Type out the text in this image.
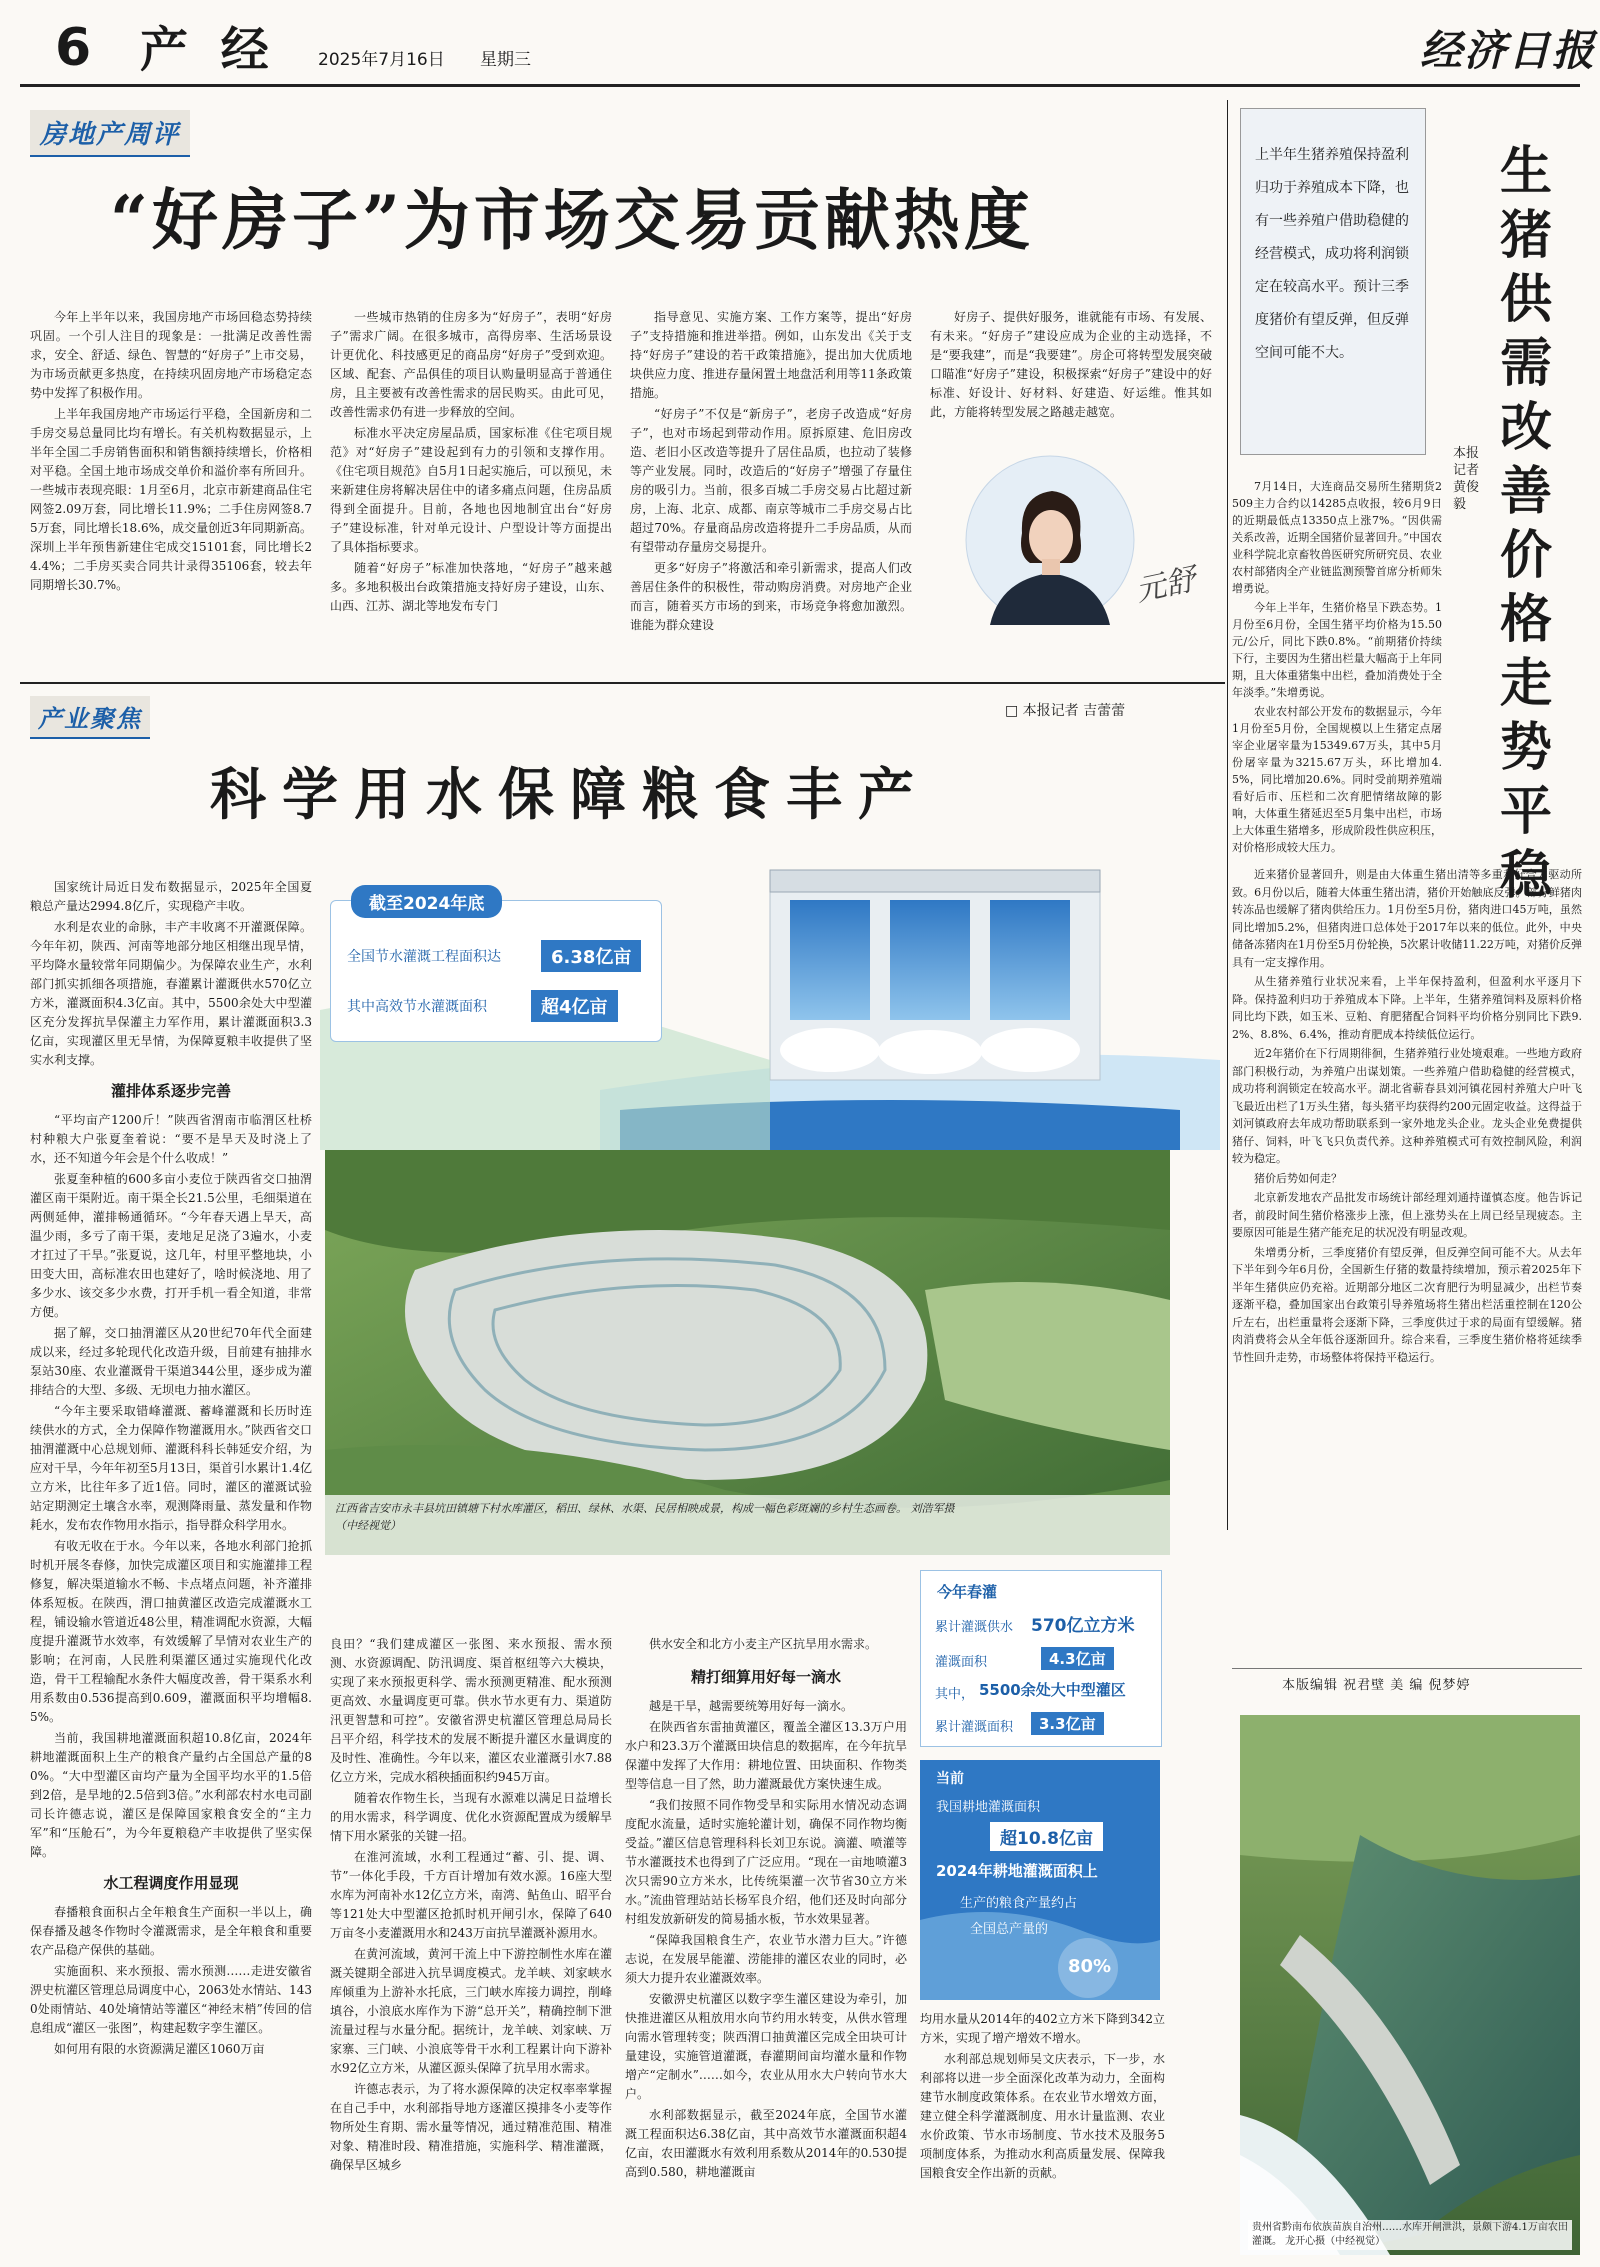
6 产 经 2025年7月16日 星期三	经济日报
房地产周评
“好房子”为市场交易贡献热度

今年上半年以来，我国房地产市场回稳态势持续巩固。一个引人注目的现象是：一批满足改善性需求，安全、舒适、绿色、智慧的“好房子”上市交易，为市场贡献更多热度，在持续巩固房地产市场稳定态势中发挥了积极作用。

上半年我国房地产市场运行平稳，全国新房和二手房交易总量同比均有增长。有关机构数据显示，上半年全国二手房销售面积和销售额持续增长，价格相对平稳。全国土地市场成交单价和溢价率有所回升。一些城市表现亮眼：1月至6月，北京市新建商品住宅网签2.09万套，同比增长11.9%；二手住房网签8.75万套，同比增长18.6%，成交量创近3年同期新高。深圳上半年预售新建住宅成交15101套，同比增长24.4%；二手房买卖合同共计录得35106套，较去年同期增长30.7%。

一些城市热销的住房多为“好房子”，表明“好房子”需求广阔。在很多城市，高得房率、生活场景设计更优化、科技感更足的商品房“好房子”受到欢迎。区域、配套、产品俱佳的项目认购量明显高于普通住房，且主要被有改善性需求的居民购买。由此可见，改善性需求仍有进一步释放的空间。

标准水平决定房屋品质，国家标准《住宅项目规范》对“好房子”建设起到有力的引领和支撑作用。《住宅项目规范》自5月1日起实施后，可以预见，未来新建住房将解决居住中的诸多痛点问题，住房品质得到全面提升。目前，各地也因地制宜出台“好房子”建设标准，针对单元设计、户型设计等方面提出了具体指标要求。

随着“好房子”标准加快落地，“好房子”越来越多。多地积极出台政策措施支持好房子建设，山东、山西、江苏、湖北等地发布专门

指导意见、实施方案、工作方案等，提出“好房子”支持措施和推进举措。例如，山东发出《关于支持“好房子”建设的若干政策措施》，提出加大优质地块供应力度、推进存量闲置土地盘活利用等11条政策措施。

“好房子”不仅是“新房子”，老房子改造成“好房子”，也对市场起到带动作用。原拆原建、危旧房改造、老旧小区改造等提升了居住品质，也拉动了装修等产业发展。同时，改造后的“好房子”增强了存量住房的吸引力。当前，很多百城二手房交易占比超过新房，上海、北京、成都、南京等城市二手房交易占比超过70%。存量商品房改造将提升二手房品质，从而有望带动存量房交易提升。

更多“好房子”将激活和牵引新需求，提高人们改善居住条件的积极性，带动购房消费。对房地产企业而言，随着买方市场的到来，市场竞争将愈加激烈。谁能为群众建设

好房子、提供好服务，谁就能有市场、有发展、有未来。“好房子”建设应成为企业的主动选择，不是“要我建”，而是“我要建”。房企可将转型发展突破口瞄准“好房子”建设，积极探索“好房子”建设中的好标准、好设计、好材料、好建造、好运维。惟其如此，方能将转型发展之路越走越宽。

元舒
上半年生猪养殖保持盈利归功于养殖成本下降，也有一些养殖户借助稳健的经营模式，成功将利润锁定在较高水平。预计三季度猪价有望反弹，但反弹空间可能不大。
生猪供需改善价格走势平稳
本报记者 黄俊毅

7月14日，大连商品交易所生猪期货2509主力合约以14285点收报，较6月9日的近期最低点13350点上涨7%。“因供需关系改善，近期全国猪价显著回升。”中国农业科学院北京畜牧兽医研究所研究员、农业农村部猪肉全产业链监测预警首席分析师朱增勇说。

今年上半年，生猪价格呈下跌态势。1月份至6月份，全国生猪平均价格为15.50元/公斤，同比下跌0.8%。“前期猪价持续下行，主要因为生猪出栏量大幅高于上年同期，且大体重猪集中出栏，叠加消费处于全年淡季。”朱增勇说。

农业农村部公开发布的数据显示，今年1月份至5月份，全国规模以上生猪定点屠宰企业屠宰量为15349.67万头，其中5月份屠宰量为3215.67万头，环比增加4.5%，同比增加20.6%。同时受前期养殖端看好后市、压栏和二次育肥情绪故障的影响，大体重生猪延迟至5月集中出栏，市场上大体重生猪增多，形成阶段性供应积压，对价格形成较大压力。

近来猪价显著回升，则是由大体重生猪出清等多重利好合力驱动所致。6月份以后，随着大体重生猪出清，猪价开始触底反弹。部分鲜猪肉转冻品也缓解了猪肉供给压力。1月份至5月份，猪肉进口45万吨，虽然同比增加5.2%，但猪肉进口总体处于2017年以来的低位。此外，中央储备冻猪肉在1月份至5月份轮换，5次累计收储11.22万吨，对猪价反弹具有一定支撑作用。

从生猪养殖行业状况来看，上半年保持盈利，但盈利水平逐月下降。保持盈利归功于养殖成本下降。上半年，生猪养殖饲料及原料价格同比均下跌，如玉米、豆粕、育肥猪配合饲料平均价格分别同比下跌9.2%、8.8%、6.4%，推动育肥成本持续低位运行。

近2年猪价在下行周期徘徊，生猪养殖行业处境艰难。一些地方政府部门积极行动，为养殖户出谋划策。一些养殖户借助稳健的经营模式，成功将利润锁定在较高水平。湖北省蕲春县刘河镇花园村养殖大户叶飞飞最近出栏了1万头生猪，每头猪平均获得约200元固定收益。这得益于刘河镇政府去年成功帮助联系到一家外地龙头企业。龙头企业免费提供猪仔、饲料，叶飞飞只负责代养。这种养殖模式可有效控制风险，利润较为稳定。

猪价后势如何走？

北京新发地农产品批发市场统计部经理刘通持谨慎态度。他告诉记者，前段时间生猪价格涨步上涨，但上涨势头在上周已经呈现疲态。主要原因可能是生猪产能充足的状况没有明显改观。

朱增勇分析，三季度猪价有望反弹，但反弹空间可能不大。从去年下半年到今年6月份，全国新生仔猪的数量持续增加，预示着2025年下半年生猪供应仍充裕。近期部分地区二次育肥行为明显减少，出栏节奏逐渐平稳，叠加国家出台政策引导养殖场将生猪出栏活重控制在120公斤左右，出栏重量将会逐渐下降，三季度供过于求的局面有望缓解。猪肉消费将会从全年低谷逐渐回升。综合来看，三季度生猪价格将延续季节性回升走势，市场整体将保持平稳运行。

本版编辑 祝君壁 美 编 倪梦婷
贵州省黔南布依族苗族自治州……水库开闸泄洪，景颇下游4.1万亩农田灌溉。 龙开心摄（中经视觉）
产业聚焦	□ 本报记者 吉蕾蕾
科学用水保障粮食丰产

国家统计局近日发布数据显示，2025年全国夏粮总产量达2994.8亿斤，实现稳产丰收。

水利是农业的命脉，丰产丰收离不开灌溉保障。今年年初，陕西、河南等地部分地区相继出现旱情，平均降水量较常年同期偏少。为保障农业生产，水利部门抓实抓细各项措施，春灌累计灌溉供水570亿立方米，灌溉面积4.3亿亩。其中，5500余处大中型灌区充分发挥抗旱保灌主力军作用，累计灌溉面积3.3亿亩，实现灌区里无旱情，为保障夏粮丰收提供了坚实水利支撑。

灌排体系逐步完善

“平均亩产1200斤！”陕西省渭南市临渭区杜桥村种粮大户张夏奎着说：“要不是旱天及时浇上了水，还不知道今年会是个什么收成！”

张夏奎种植的600多亩小麦位于陕西省交口抽渭灌区南干渠附近。南干渠全长21.5公里，毛细渠道在两侧延伸，灌排畅通循环。“今年春天遇上旱天，高温少雨，多亏了南干渠，麦地足足浇了3遍水，小麦才扛过了干旱。”张夏说，这几年，村里平整地块，小田变大田，高标准农田也建好了，啥时候浇地、用了多少水、该交多少水费，打开手机一看全知道，非常方便。

据了解，交口抽渭灌区从20世纪70年代全面建成以来，经过多轮现代化改造升级，目前建有抽排水泵站30座、农业灌溉骨干渠道344公里，逐步成为灌排结合的大型、多级、无坝电力抽水灌区。

“今年主要采取错峰灌溉、蓄峰灌溉和长历时连续供水的方式，全力保障作物灌溉用水。”陕西省交口抽渭灌溉中心总规划师、灌溉科科长韩延安介绍，为应对干旱，今年年初至5月13日，渠首引水累计1.4亿立方米，比往年多了近1倍。同时，灌区的灌溉试验站定期测定土壤含水率，观测降雨量、蒸发量和作物耗水，发布农作物用水指示，指导群众科学用水。

有收无收在于水。今年以来，各地水利部门抢抓时机开展冬春修，加快完成灌区项目和实施灌排工程修复，解决渠道输水不畅、卡点堵点问题，补齐灌排体系短板。在陕西，渭口抽黄灌区改造完成灌溉水工程，铺设输水管道近48公里，精准调配水资源，大幅度提升灌溉节水效率，有效缓解了旱情对农业生产的影响；在河南，人民胜利渠灌区通过实施现代化改造，骨干工程输配水条件大幅度改善，骨干渠系水利用系数由0.536提高到0.609，灌溉面积平均增幅8.5%。

当前，我国耕地灌溉面积超10.8亿亩，2024年耕地灌溉面积上生产的粮食产量约占全国总产量的80%。“大中型灌区亩均产量为全国平均水平的1.5倍到2倍，是旱地的2.5倍到3倍。”水利部农村水电司副司长许德志说，灌区是保障国家粮食安全的“主力军”和“压舱石”，为今年夏粮稳产丰收提供了坚实保障。

水工程调度作用显现

春播粮食面积占全年粮食生产面积一半以上，确保春播及越冬作物时令灌溉需求，是全年粮食和重要农产品稳产保供的基础。

实施面积、来水预报、需水预测……走进安徽省淠史杭灌区管理总局调度中心，2063处水情站、1430处雨情站、40处墒情站等灌区“神经末梢”传回的信息组成“灌区一张图”，构建起数字孪生灌区。

如何用有限的水资源满足灌区1060万亩

截至2024年底
全国节水灌溉工程面积达	6.38亿亩
其中高效节水灌溉面积	超4亿亩
江西省吉安市永丰县坑田镇塘下村水库灌区，稻田、绿林、水渠、民居相映成景，构成一幅色彩斑斓的乡村生态画卷。 刘浩军摄（中经视觉）
今年春灌
累计灌溉供水 570亿立方米
灌溉面积	4.3亿亩
其中， 5500余处大中型灌区
累计灌溉面积	3.3亿亩
当前
我国耕地灌溉面积
超10.8亿亩
2024年耕地灌溉面积上
生产的粮食产量约占
全国总产量的
80%

良田？“我们建成灌区一张图、来水预报、需水预测、水资源调配、防汛调度、渠首枢纽等六大模块，实现了来水预报更科学、需水预测更精准、配水预测更高效、水量调度更可靠。供水节水更有力、渠道防汛更智慧和可控”。安徽省淠史杭灌区管理总局局长吕平介绍，科学技术的发展不断提升灌区水量调度的及时性、准确性。今年以来，灌区农业灌溉引水7.88亿立方米，完成水稻秧插面积约945万亩。

随着农作物生长，当现有水源难以满足日益增长的用水需求，科学调度、优化水资源配置成为缓解旱情下用水紧张的关键一招。

在淮河流域，水利工程通过“蓄、引、提、调、节”一体化手段，千方百计增加有效水源。16座大型水库为河南补水12亿立方米，南湾、鲇鱼山、昭平台等121处大中型灌区抢抓时机开闸引水，保障了640万亩冬小麦灌溉用水和243万亩抗旱灌溉补源用水。

在黄河流域，黄河干流上中下游控制性水库在灌溉关键期全部进入抗旱调度模式。龙羊峡、刘家峡水库倾重为上游补水托底，三门峡水库接力调控，削峰填谷，小浪底水库作为下游“总开关”，精确控制下泄流量过程与水量分配。据统计，龙羊峡、刘家峡、万家寨、三门峡、小浪底等骨干水利工程累计向下游补水92亿立方米，从灌区源头保障了抗旱用水需求。

许德志表示，为了将水源保障的决定权率率掌握在自己手中，水利部指导地方逐灌区摸排冬小麦等作物所处生育期、需水量等情况，通过精准范围、精准对象、精准时段、精准措施，实施科学、精准灌溉，确保旱区城乡

供水安全和北方小麦主产区抗旱用水需求。

精打细算用好每一滴水

越是干旱，越需要统筹用好每一滴水。

在陕西省东雷抽黄灌区，覆盖全灌区13.3万户用水户和23.3万个灌溉田块信息的数据库，在今年抗旱保灌中发挥了大作用：耕地位置、田块面积、作物类型等信息一目了然，助力灌溉最优方案快速生成。

“我们按照不同作物受旱和实际用水情况动态调度配水流量，适时实施轮灌计划，确保不同作物均衡受益。”灌区信息管理科科长刘卫东说。滴灌、喷灌等节水灌溉技术也得到了广泛应用。“现在一亩地喷灌3次只需90立方米水，比传统渠灌一次节省30立方米水。”流曲管理站站长杨军良介绍，他们还及时向部分村组发放新研发的简易插水板，节水效果显著。

“保障我国粮食生产，农业节水潜力巨大。”许德志说，在发展旱能灌、涝能排的灌区农业的同时，必须大力提升农业灌溉效率。

安徽淠史杭灌区以数字孪生灌区建设为牵引，加快推进灌区从粗放用水向节约用水转变，从供水管理向需水管理转变；陕西渭口抽黄灌区完成全田块可计量建设，实施管道灌溉，春灌期间亩均灌水量和作物增产“定制水”……如今，农业从用水大户转向节水大户。

水利部数据显示，截至2024年底，全国节水灌溉工程面积达6.38亿亩，其中高效节水灌溉面积超4亿亩，农田灌溉水有效利用系数从2014年的0.530提高到0.580，耕地灌溉亩

均用水量从2014年的402立方米下降到342立方米，实现了增产增效不增水。

水利部总规划师吴文庆表示，下一步，水利部将以进一步全面深化改革为动力，全面构建节水制度政策体系。在农业节水增效方面，建立健全科学灌溉制度、用水计量监测、农业水价政策、节水市场制度、节水技术及服务5项制度体系，为推动水利高质量发展、保障我国粮食安全作出新的贡献。
